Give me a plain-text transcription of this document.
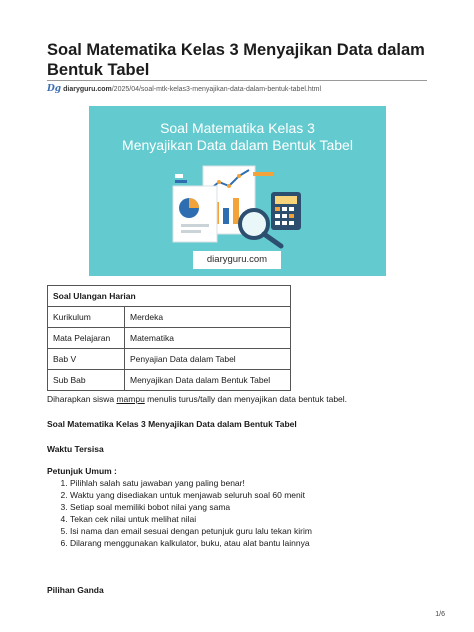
Soal Matematika Kelas 3 Menyajikan Data dalam Bentuk Tabel
Dg diaryguru.com/2025/04/soal-mtk-kelas3-menyajikan-data-dalam-bentuk-tabel.html
Soal Matematika Kelas 3
Menyajikan Data dalam Bentuk Tabel
diaryguru.com
Soal Ulangan Harian	
Kurikulum	Merdeka
Mata Pelajaran	Matematika
Bab V	Penyajian Data dalam Tabel
Sub Bab	Menyajikan Data dalam Bentuk Tabel
Diharapkan siswa mampu menulis turus/tally dan menyajikan data bentuk tabel.
Soal Matematika Kelas 3 Menyajikan Data dalam Bentuk Tabel
Waktu Tersisa
Petunjuk Umum :
1. Pilihlah salah satu jawaban yang paling benar!
2. Waktu yang disediakan untuk menjawab seluruh soal 60 menit
3. Setiap soal memiliki bobot nilai yang sama
4. Tekan cek nilai untuk melihat nilai
5. Isi nama dan email sesuai dengan petunjuk guru lalu tekan kirim
6. Dilarang menggunakan kalkulator, buku, atau alat bantu lainnya
Pilihan Ganda
1/6
